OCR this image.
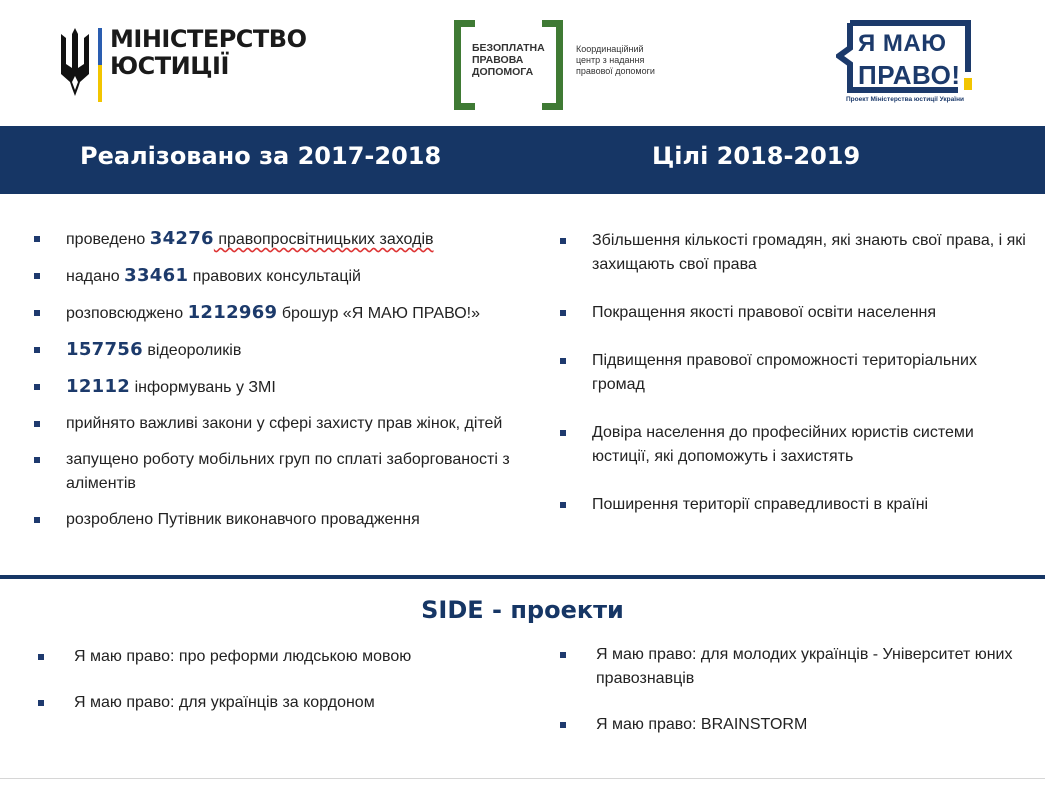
МІНІСТЕРСТВО
ЮСТИЦІЇ
БЕЗОПЛАТНА
ПРАВОВА
ДОПОМОГА
Координаційний
центр з надання
правової допомоги
Я МАЮ
ПРАВО!
Проект Міністерства юстиції України
Реалізовано за 2017-2018	Цілі 2018-2019
проведено 34276 правопросвітницьких заходів
надано 33461 правових консультацій
розповсюджено 1212969 брошур «Я МАЮ ПРАВО!»
157756 відеороликів
12112 інформувань у ЗМІ
прийнято важливі закони у сфері захисту прав жінок, дітей
запущено роботу мобільних груп по сплаті заборгованості з аліментів
розроблено Путівник виконавчого провадження
Збільшення кількості громадян, які знають свої права, і які захищають свої права
Покращення якості правової освіти населення
Підвищення правової спроможності територіальних громад
Довіра населення до професійних юристів системи юстиції, які допоможуть і захистять
Поширення території справедливості в країні
SIDE - проекти
Я маю право: про реформи людською мовою
Я маю право: для українців за кордоном
Я маю право: для молодих українців - Університет юних правознавців
Я маю право: BRAINSTORM
